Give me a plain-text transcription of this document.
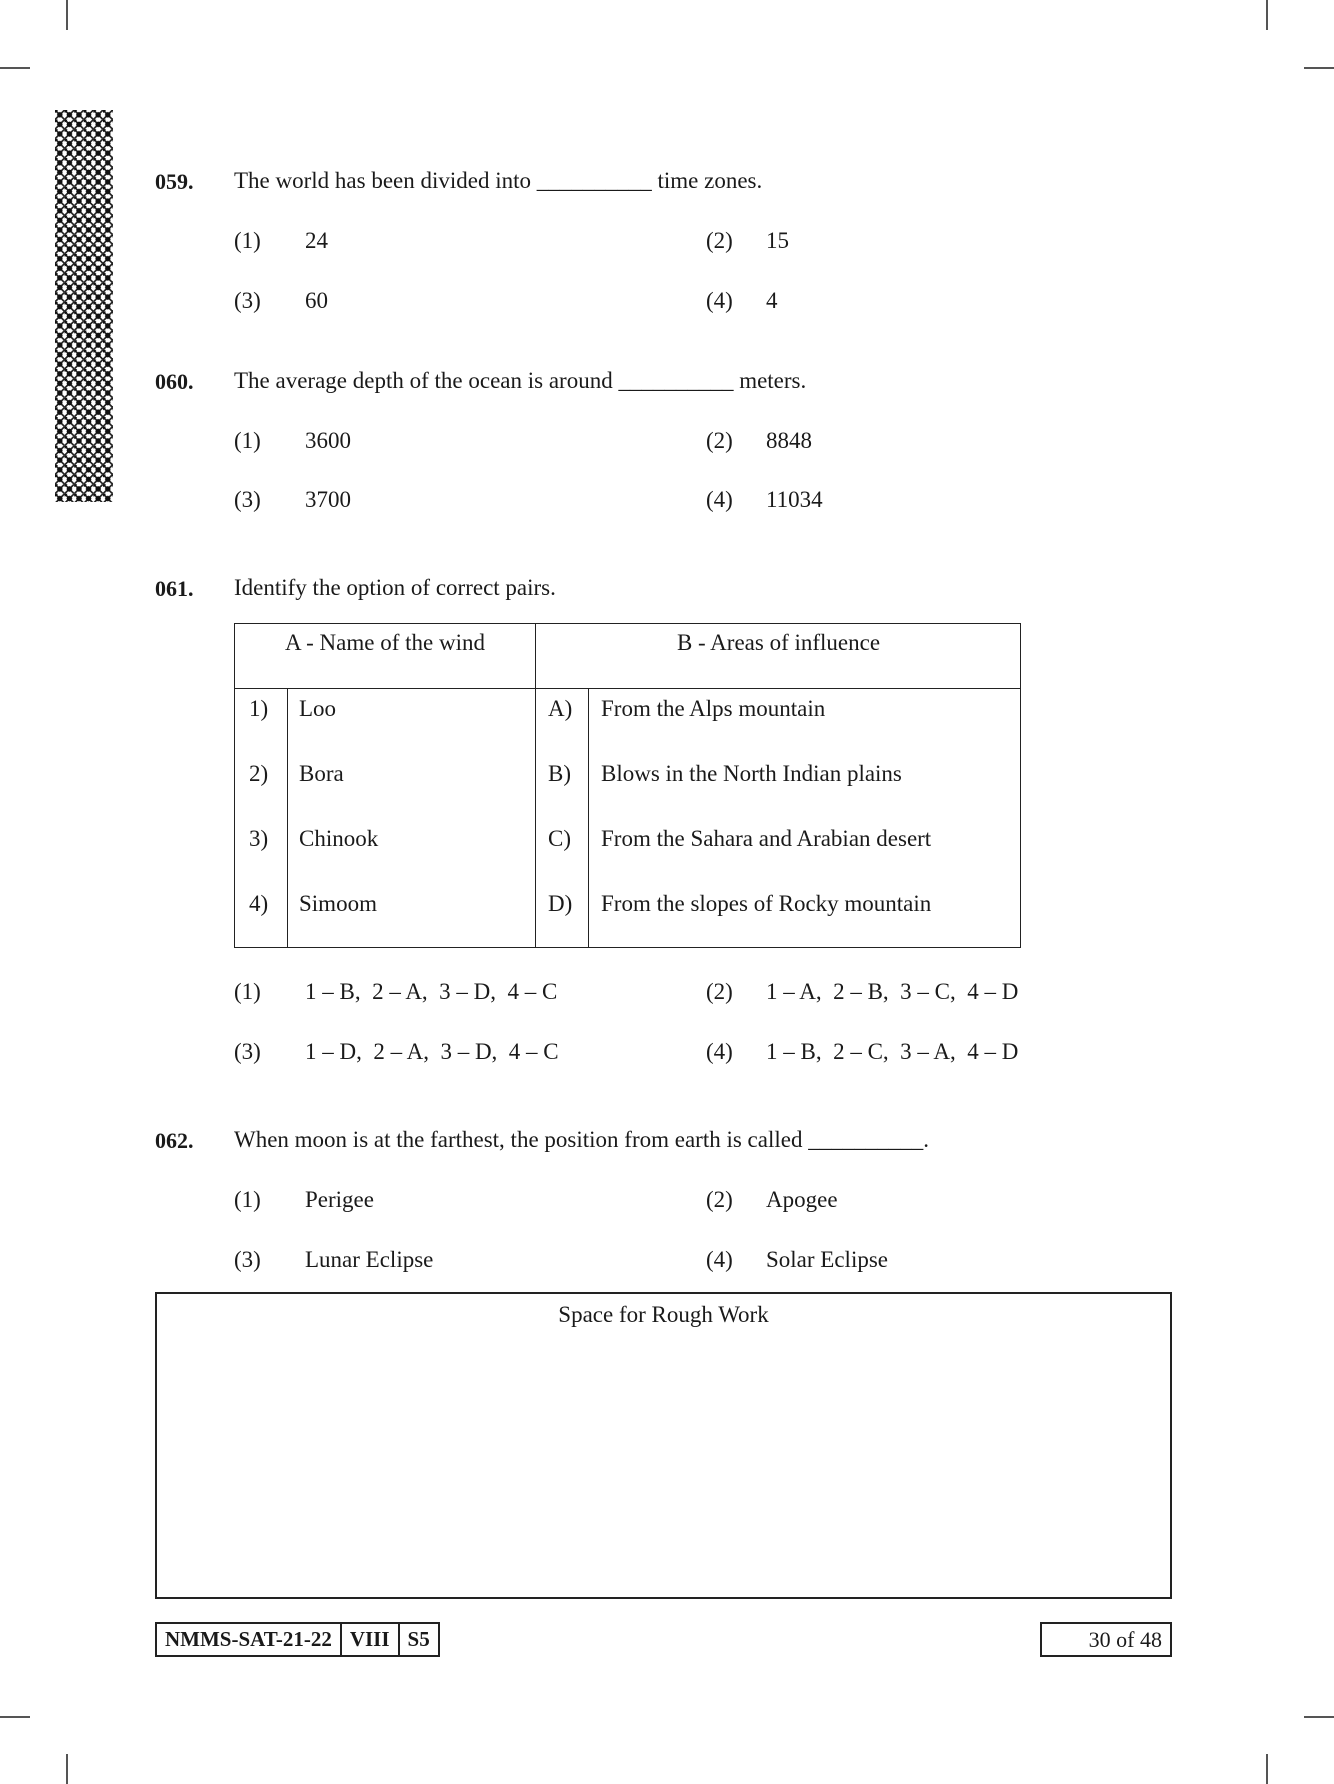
059. The world has been divided into __________ time zones.
(1) 24	(2) 15
(3) 60	(4) 4
060. The average depth of the ocean is around __________ meters.
(1) 3600	(2) 8848
(3) 3700	(4) 11034
061. Identify the option of correct pairs.
A - Name of the wind	B - Areas of influence
1) Loo	A) From the Alps mountain
2) Bora	B) Blows in the North Indian plains
3) Chinook	C) From the Sahara and Arabian desert
4) Simoom	D) From the slopes of Rocky mountain
(1) 1 – B,  2 – A,  3 – D,  4 – C	(2) 1 – A,  2 – B,  3 – C,  4 – D
(3) 1 – D,  2 – A,  3 – D,  4 – C	(4) 1 – B,  2 – C,  3 – A,  4 – D
062. When moon is at the farthest, the position from earth is called __________.
(1) Perigee	(2) Apogee
(3) Lunar Eclipse	(4) Solar Eclipse
Space for Rough Work
NMMS-SAT-21-22 VIII S5	30 of 48
